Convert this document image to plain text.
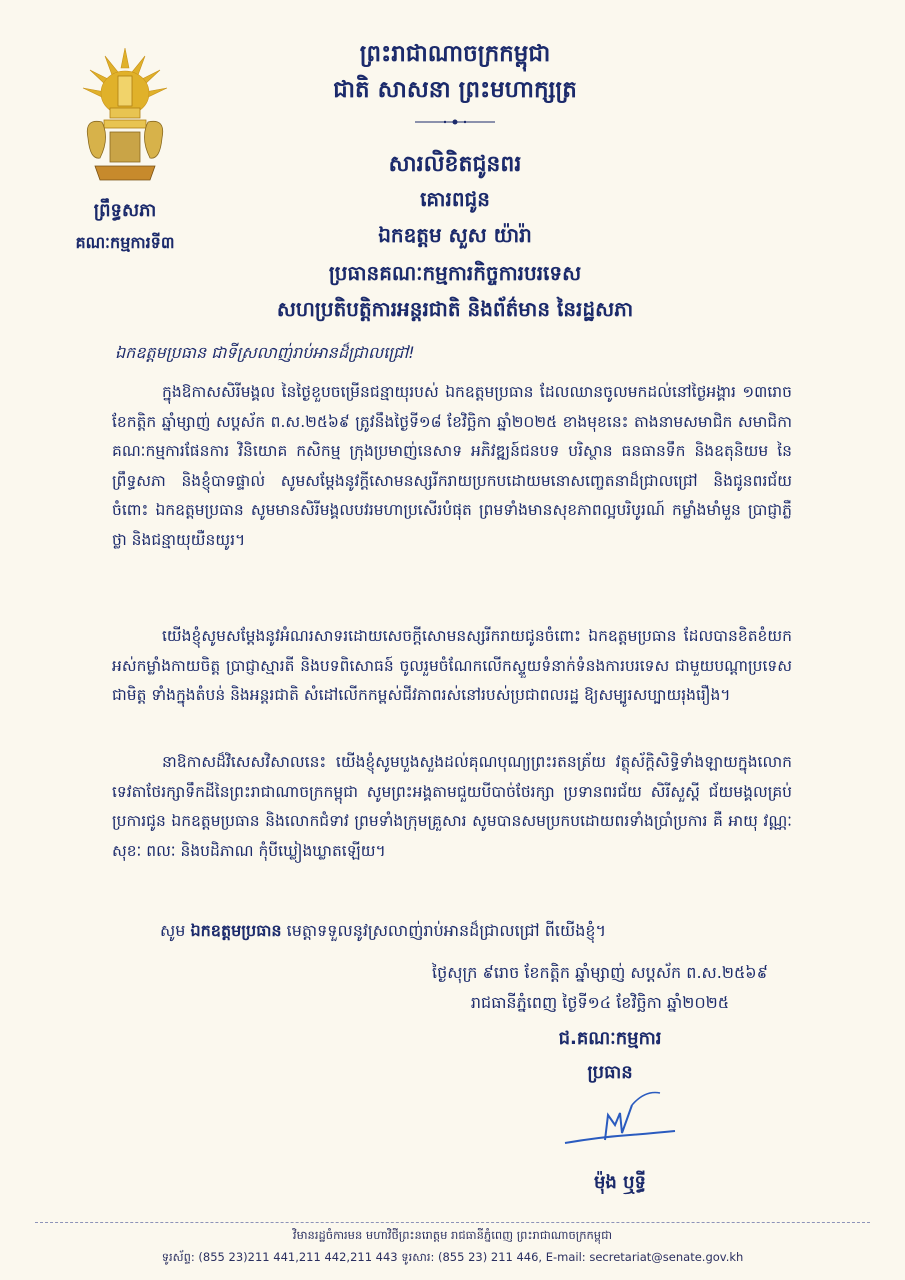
ព្រឹទ្ធសភា
គណៈកម្មការទី៣
ព្រះរាជាណាចក្រកម្ពុជា
ជាតិ សាសនា ព្រះមហាក្សត្រ
សារលិខិតជូនពរ
គោរពជូន
ឯកឧត្តម សួស យ៉ារ៉ា
ប្រធានគណៈកម្មការកិច្ចការបរទេស
សហប្រតិបត្តិការអន្តរជាតិ និងព័ត៌មាន នៃរដ្ឋសភា
ឯកឧត្តមប្រធាន ជាទីស្រលាញ់រាប់អានដ៏ជ្រាលជ្រៅ!
ក្នុងឱកាសសិរីមង្គល នៃថ្ងៃខួបចម្រើនជន្មាយុរបស់ ឯកឧត្តមប្រធាន ដែលឈានចូលមកដល់នៅថ្ងៃអង្គារ ១៣រោច ខែកត្តិក ឆ្នាំម្សាញ់ សប្តស័ក ព.ស.២៥៦៩ ត្រូវនឹងថ្ងៃទី១៨ ខែវិច្ឆិកា ឆ្នាំ២០២៥ ខាងមុខនេះ តាងនាមសមាជិក សមាជិកាគណៈកម្មការផែនការ វិនិយោគ កសិកម្ម ក្រុងប្រមាញ់នេសាទ អភិវឌ្ឍន៍ជនបទ បរិស្ថាន ធនធានទឹក និងឧតុនិយម នៃព្រឹទ្ធសភា និងខ្ញុំបាទផ្ទាល់ សូមសម្តែងនូវក្តីសោមនស្សរីករាយប្រកបដោយមនោសញ្ចេតនាដ៏ជ្រាលជ្រៅ និងជូនពរជ័យចំពោះ ឯកឧត្តមប្រធាន សូមមានសិរីមង្គលបវរមហាប្រសើរបំផុត ព្រមទាំងមានសុខភាពល្អបរិបូរណ៍ កម្លាំងមាំមួន ប្រាជ្ញាភ្លឺថ្លា និងជន្មាយុយឺនយូរ។
យើងខ្ញុំសូមសម្តែងនូវអំណរសាទរដោយសេចក្តីសោមនស្សរីករាយជូនចំពោះ ឯកឧត្តមប្រធាន ដែលបានខិតខំយកអស់កម្លាំងកាយចិត្ត ប្រាជ្ញាស្មារតី និងបទពិសោធន៍ ចូលរួមចំណែកលើកស្ទួយទំនាក់ទំនងការបរទេស ជាមួយបណ្តាប្រទេសជាមិត្ត ទាំងក្នុងតំបន់ និងអន្តរជាតិ សំដៅលើកកម្ពស់ជីវភាពរស់នៅរបស់ប្រជាពលរដ្ឋ ឱ្យសម្បូរសប្បាយរុងរឿង។
នាឱកាសដ៏វិសេសវិសាលនេះ យើងខ្ញុំសូមបួងសួងដល់គុណបុណ្យព្រះរតនត្រ័យ វត្ថុស័ក្តិសិទ្ធិទាំងឡាយក្នុងលោក ទេវតាថែរក្សាទឹកដីនៃព្រះរាជាណាចក្រកម្ពុជា សូមព្រះអង្គតាមជួយបីបាច់ថែរក្សា ប្រទានពរជ័យ សិរីសួស្តី ជ័យមង្គលគ្រប់ប្រការជូន ឯកឧត្តមប្រធាន និងលោកជំទាវ ព្រមទាំងក្រុមគ្រួសារ សូមបានសមប្រកបដោយពរទាំងប្រាំប្រការ គឺ អាយុ វណ្ណៈ សុខៈ ពលៈ និងបដិភាណ កុំបីឃ្លៀងឃ្លាតឡើយ។
សូម ឯកឧត្តមប្រធាន មេត្តាទទួលនូវស្រលាញ់រាប់អានដ៏ជ្រាលជ្រៅ ពីយើងខ្ញុំ។
ថ្ងៃសុក្រ ៩រោច ខែកត្តិក ឆ្នាំម្សាញ់ សប្តស័ក ព.ស.២៥៦៩
រាជធានីភ្នំពេញ ថ្ងៃទី១៤ ខែវិច្ឆិកា ឆ្នាំ២០២៥
ជ.គណៈកម្មការ
ប្រធាន
ម៉ុង ឬទ្ធី
វិមានរដ្ឋចំការមន មហាវិថីព្រះនរោត្តម រាជធានីភ្នំពេញ ព្រះរាជាណាចក្រកម្ពុជា
ទូរស័ព្ទ: (855 23)211 441,211 442,211 443 ទូរសារ: (855 23) 211 446, E-mail: secretariat@senate.gov.kh
